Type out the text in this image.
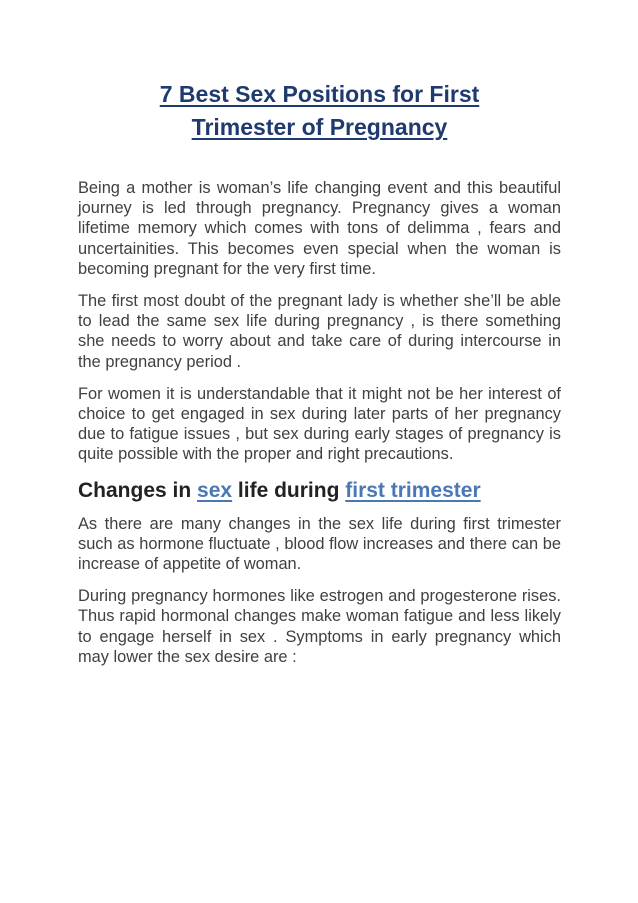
7 Best Sex Positions for First
Trimester of Pregnancy

Being a mother is woman’s life changing event and this beautiful journey is led through pregnancy. Pregnancy gives a woman lifetime memory which comes with tons of delimma , fears and uncertainities. This becomes even special when the woman is becoming pregnant for the very first time.

The first most doubt of the pregnant lady is whether she’ll be able to lead the same sex life during pregnancy , is there something she needs to worry about and take care of during intercourse in the pregnancy period .

For women it is understandable that it might not be her interest of choice to get engaged in sex during later parts of her pregnancy due to fatigue issues , but sex during early stages of pregnancy is quite possible with the proper and right precautions.

Changes in sex life during first trimester

As there are many changes in the sex life during first trimester such as hormone fluctuate , blood flow increases and there can be increase of appetite of woman.

During pregnancy hormones like estrogen and progesterone rises. Thus rapid hormonal changes make woman fatigue and less likely to engage herself in sex . Symptoms in early pregnancy which may lower the sex desire are :
